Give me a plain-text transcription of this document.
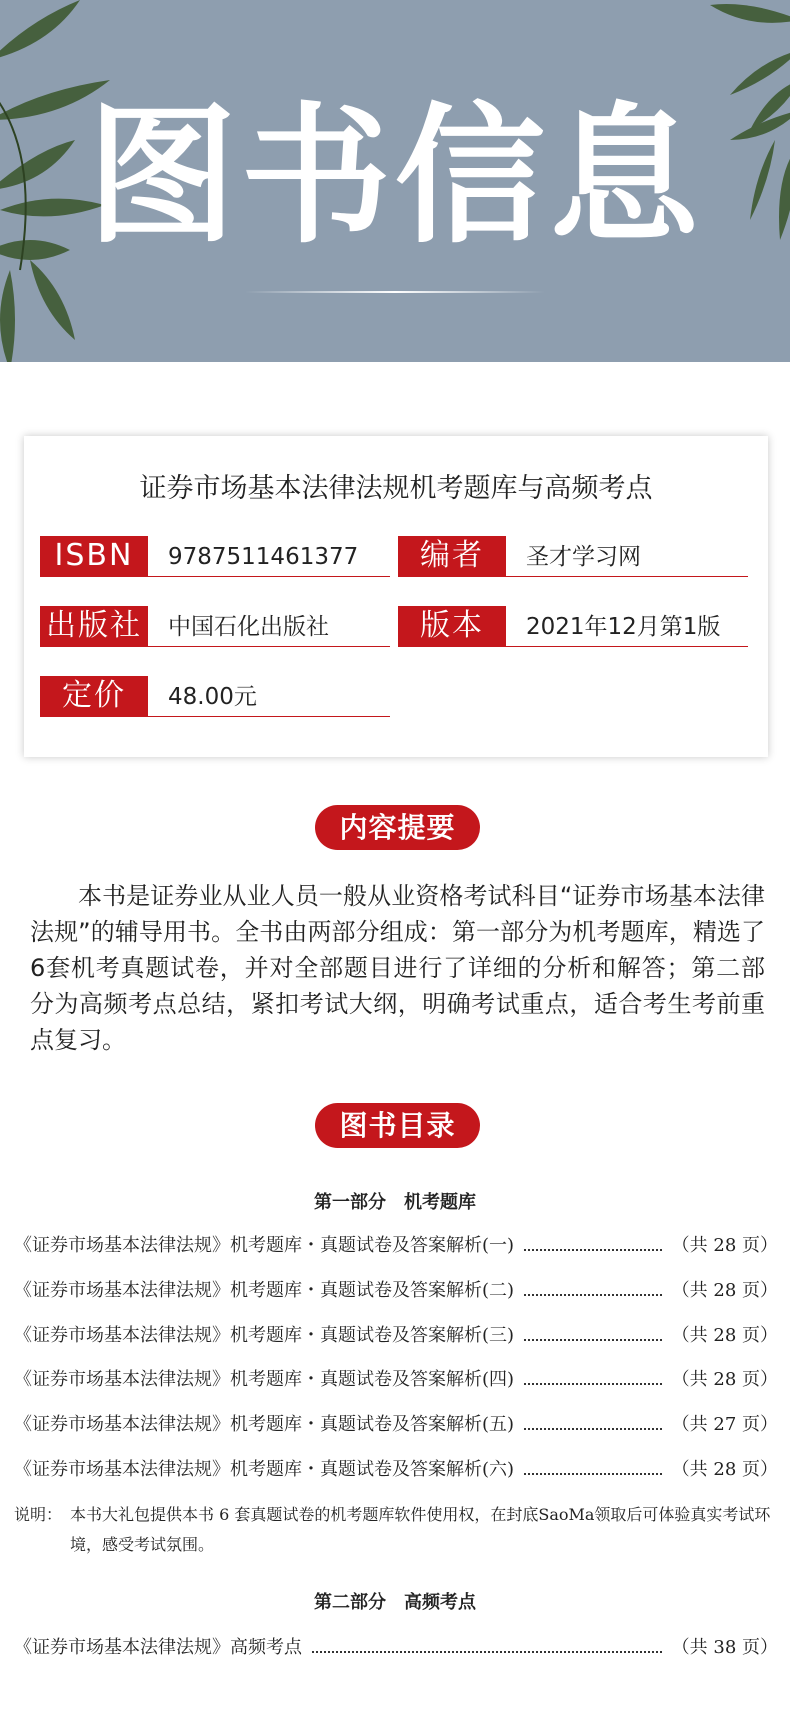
图书信息
证券市场基本法律法规机考题库与高频考点
ISBN	9787511461377	编者	圣才学习网
出版社 中国石化出版社	版本	2021年12月第1版
定价	48.00元
内容提要
本书是证券业从业人员一般从业资格考试科目“证券市场基本法律法规”的辅导用书。全书由两部分组成：第一部分为机考题库，精选了6套机考真题试卷，并对全部题目进行了详细的分析和解答；第二部分为高频考点总结，紧扣考试大纲，明确考试重点，适合考生考前重点复习。
图书目录
第一部分　机考题库
《证券市场基本法律法规》机考题库・真题试卷及答案解析(一)	（共 28 页）
《证券市场基本法律法规》机考题库・真题试卷及答案解析(二)	（共 28 页）
《证券市场基本法律法规》机考题库・真题试卷及答案解析(三)	（共 28 页）
《证券市场基本法律法规》机考题库・真题试卷及答案解析(四)	（共 28 页）
《证券市场基本法律法规》机考题库・真题试卷及答案解析(五)	（共 27 页）
《证券市场基本法律法规》机考题库・真题试卷及答案解析(六)	（共 28 页）
说明： 本书大礼包提供本书 6 套真题试卷的机考题库软件使用权，在封底SaoMa领取后可体验真实考试环境，感受考试氛围。
第二部分　高频考点
《证券市场基本法律法规》高频考点	（共 38 页）
